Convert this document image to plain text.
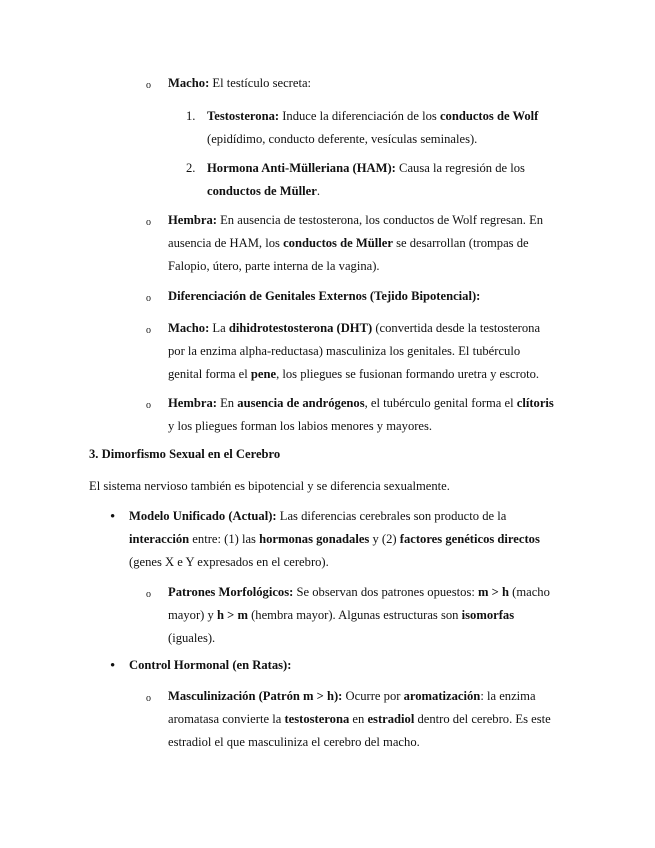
o Macho: El testículo secreta:

1. Testosterona: Induce la diferenciación de los conductos de Wolf

(epidídimo, conducto deferente, vesículas seminales).

2. Hormona Anti-Mülleriana (HAM): Causa la regresión de los

conductos de Müller.

o Hembra: En ausencia de testosterona, los conductos de Wolf regresan. En

ausencia de HAM, los conductos de Müller se desarrollan (trompas de

Falopio, útero, parte interna de la vagina).

o Diferenciación de Genitales Externos (Tejido Bipotencial):

o Macho: La dihidrotestosterona (DHT) (convertida desde la testosterona

por la enzima alpha-reductasa) masculiniza los genitales. El tubérculo

genital forma el pene, los pliegues se fusionan formando uretra y escroto.

o Hembra: En ausencia de andrógenos, el tubérculo genital forma el clítoris

y los pliegues forman los labios menores y mayores.

3. Dimorfismo Sexual en el Cerebro

El sistema nervioso también es bipotencial y se diferencia sexualmente.

• Modelo Unificado (Actual): Las diferencias cerebrales son producto de la

interacción entre: (1) las hormonas gonadales y (2) factores genéticos directos

(genes X e Y expresados en el cerebro).

o Patrones Morfológicos: Se observan dos patrones opuestos: m > h (macho

mayor) y h > m (hembra mayor). Algunas estructuras son isomorfas

(iguales).

• Control Hormonal (en Ratas):

o Masculinización (Patrón m > h): Ocurre por aromatización: la enzima

aromatasa convierte la testosterona en estradiol dentro del cerebro. Es este

estradiol el que masculiniza el cerebro del macho.
